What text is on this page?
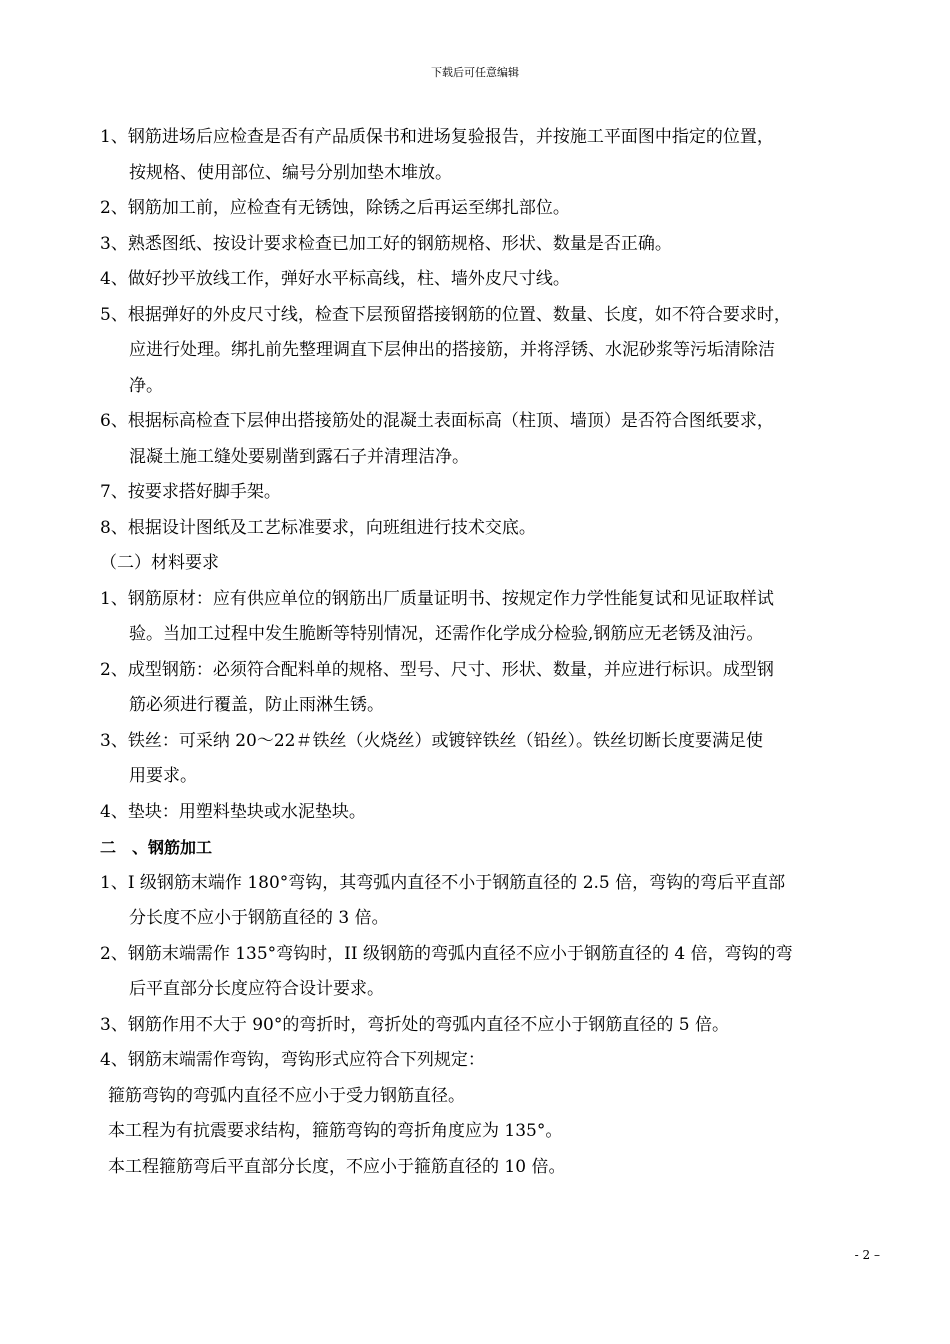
下载后可任意编辑
1、钢筋进场后应检查是否有产品质保书和进场复验报告，并按施工平面图中指定的位置，
按规格、使用部位、编号分别加垫木堆放。
2、钢筋加工前，应检查有无锈蚀，除锈之后再运至绑扎部位。
3、熟悉图纸、按设计要求检查已加工好的钢筋规格、形状、数量是否正确。
4、做好抄平放线工作，弹好水平标高线，柱、墙外皮尺寸线。
5、根据弹好的外皮尺寸线，检查下层预留搭接钢筋的位置、数量、长度，如不符合要求时，
应进行处理。绑扎前先整理调直下层伸出的搭接筋，并将浮锈、水泥砂浆等污垢清除洁
净。
6、根据标高检查下层伸出搭接筋处的混凝土表面标高（柱顶、墙顶）是否符合图纸要求，
混凝土施工缝处要剔凿到露石子并清理洁净。
7、按要求搭好脚手架。
8、根据设计图纸及工艺标准要求，向班组进行技术交底。
（二）材料要求
1、钢筋原材：应有供应单位的钢筋出厂质量证明书、按规定作力学性能复试和见证取样试
验。当加工过程中发生脆断等特别情况，还需作化学成分检验,钢筋应无老锈及油污。
2、成型钢筋：必须符合配料单的规格、型号、尺寸、形状、数量，并应进行标识。成型钢
筋必须进行覆盖，防止雨淋生锈。
3、铁丝：可采纳 20～22＃铁丝（火烧丝）或镀锌铁丝（铅丝）。铁丝切断长度要满足使
用要求。
4、垫块：用塑料垫块或水泥垫块。
二　、钢筋加工
1、I 级钢筋末端作 180°弯钩，其弯弧内直径不小于钢筋直径的 2.5 倍，弯钩的弯后平直部
分长度不应小于钢筋直径的 3 倍。
2、钢筋末端需作 135°弯钩时，II 级钢筋的弯弧内直径不应小于钢筋直径的 4 倍，弯钩的弯
后平直部分长度应符合设计要求。
3、钢筋作用不大于 90°的弯折时，弯折处的弯弧内直径不应小于钢筋直径的 5 倍。
4、钢筋末端需作弯钩，弯钩形式应符合下列规定：
箍筋弯钩的弯弧内直径不应小于受力钢筋直径。
本工程为有抗震要求结构，箍筋弯钩的弯折角度应为 135°。
本工程箍筋弯后平直部分长度，不应小于箍筋直径的 10 倍。
- 2 –
